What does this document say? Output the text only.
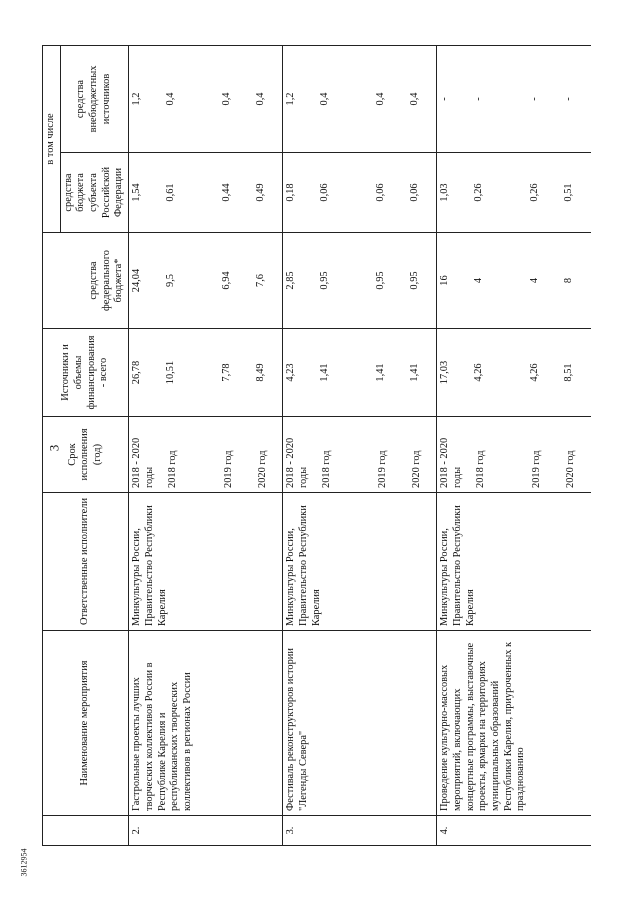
3
3612954
	Наименование мероприятия	Ответственные исполнители	Срок исполнения (год)	Источники и объемы финансирования - всего	средства федерального бюджета*	в том числе	
						средства бюджета субъекта Российской Федерации	средства внебюджетных источников
2.	Гастрольные проекты лучших творческих коллективов России в Республике Карелия и республиканских творческих коллективов в регионах России	Минкультуры России, Правительство Республики Карелия	2018 - 2020 годы	26,78	24,04	1,54	1,2
			2018 год	10,51	9,5	0,61	0,4
			2019 год	7,78	6,94	0,44	0,4
			2020 год	8,49	7,6	0,49	0,4
3.	Фестиваль реконструкторов истории "Легенды Севера"	Минкультуры России, Правительство Республики Карелия	2018 - 2020 годы	4,23	2,85	0,18	1,2
			2018 год	1,41	0,95	0,06	0,4
			2019 год	1,41	0,95	0,06	0,4
			2020 год	1,41	0,95	0,06	0,4
4.	Проведение культурно-массовых мероприятий, включающих концертные программы, выставочные проекты, ярмарки на территориях муниципальных образований Республики Карелия, приуроченных к празднованию	Минкультуры России, Правительство Республики Карелия	2018 - 2020 годы	17,03	16	1,03	-
			2018 год	4,26	4	0,26	-
			2019 год	4,26	4	0,26	-
			2020 год	8,51	8	0,51	-
